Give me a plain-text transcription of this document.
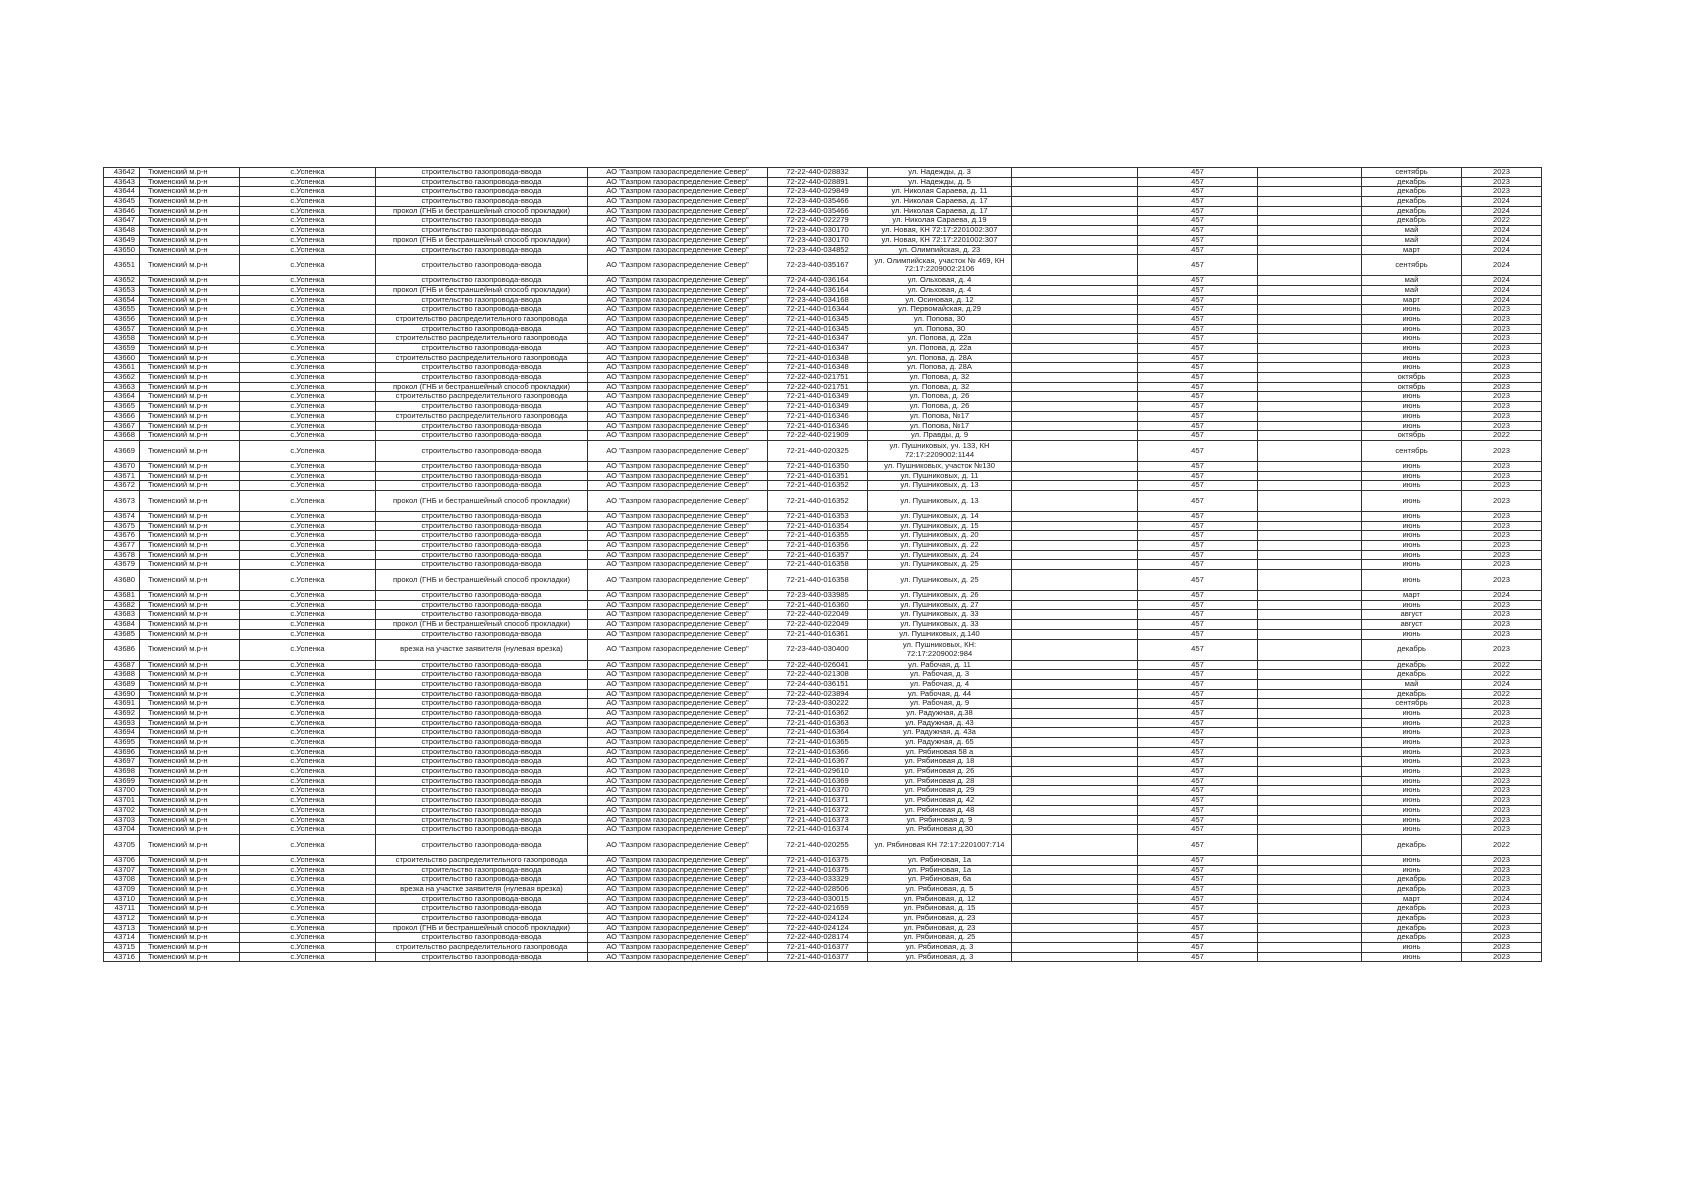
43642	Тюменский м.р-н	с.Успенка	строительство газопровода-ввода	АО "Газпром газораспределение Север"	72-22-440-028832	ул. Надежды, д. 3		457		сентябрь	2023
43643	Тюменский м.р-н	с.Успенка	строительство газопровода-ввода	АО "Газпром газораспределение Север"	72-22-440-028891	ул. Надежды, д. 5		457		декабрь	2023
43644	Тюменский м.р-н	с.Успенка	строительство газопровода-ввода	АО "Газпром газораспределение Север"	72-23-440-029849	ул. Николая Сараева, д. 11		457		декабрь	2023
43645	Тюменский м.р-н	с.Успенка	строительство газопровода-ввода	АО "Газпром газораспределение Север"	72-23-440-035466	ул. Николая Сараева, д. 17		457		декабрь	2024
43646	Тюменский м.р-н	с.Успенка	прокол (ГНБ и бестраншейный способ прокладки)	АО "Газпром газораспределение Север"	72-23-440-035466	ул. Николая Сараева, д. 17		457		декабрь	2024
43647	Тюменский м.р-н	с.Успенка	строительство газопровода-ввода	АО "Газпром газораспределение Север"	72-22-440-022279	ул. Николая Сараева, д.19		457		декабрь	2022
43648	Тюменский м.р-н	с.Успенка	строительство газопровода-ввода	АО "Газпром газораспределение Север"	72-23-440-030170	ул. Новая, КН 72:17:2201002:307		457		май	2024
43649	Тюменский м.р-н	с.Успенка	прокол (ГНБ и бестраншейный способ прокладки)	АО "Газпром газораспределение Север"	72-23-440-030170	ул. Новая, КН 72:17:2201002:307		457		май	2024
43650	Тюменский м.р-н	с.Успенка	строительство газопровода-ввода	АО "Газпром газораспределение Север"	72-23-440-034852	ул. Олимпийская, д. 23		457		март	2024
43651	Тюменский м.р-н	с.Успенка	строительство газопровода-ввода	АО "Газпром газораспределение Север"	72-23-440-035167	ул. Олимпийская, участок № 469, КН 72:17:2209002:2106		457		сентябрь	2024
43652	Тюменский м.р-н	с.Успенка	строительство газопровода-ввода	АО "Газпром газораспределение Север"	72-24-440-036164	ул. Ольховая, д. 4		457		май	2024
43653	Тюменский м.р-н	с.Успенка	прокол (ГНБ и бестраншейный способ прокладки)	АО "Газпром газораспределение Север"	72-24-440-036164	ул. Ольховая, д. 4		457		май	2024
43654	Тюменский м.р-н	с.Успенка	строительство газопровода-ввода	АО "Газпром газораспределение Север"	72-23-440-034168	ул. Осиновая, д. 12		457		март	2024
43655	Тюменский м.р-н	с.Успенка	строительство газопровода-ввода	АО "Газпром газораспределение Север"	72-21-440-016344	ул. Первомайская, д.29		457		июнь	2023
43656	Тюменский м.р-н	с.Успенка	строительство распределительного газопровода	АО "Газпром газораспределение Север"	72-21-440-016345	ул. Попова, 30		457		июнь	2023
43657	Тюменский м.р-н	с.Успенка	строительство газопровода-ввода	АО "Газпром газораспределение Север"	72-21-440-016345	ул. Попова, 30		457		июнь	2023
43658	Тюменский м.р-н	с.Успенка	строительство распределительного газопровода	АО "Газпром газораспределение Север"	72-21-440-016347	ул. Попова, д. 22а		457		июнь	2023
43659	Тюменский м.р-н	с.Успенка	строительство газопровода-ввода	АО "Газпром газораспределение Север"	72-21-440-016347	ул. Попова, д. 22а		457		июнь	2023
43660	Тюменский м.р-н	с.Успенка	строительство распределительного газопровода	АО "Газпром газораспределение Север"	72-21-440-016348	ул. Попова, д. 28А		457		июнь	2023
43661	Тюменский м.р-н	с.Успенка	строительство газопровода-ввода	АО "Газпром газораспределение Север"	72-21-440-016348	ул. Попова, д. 28А		457		июнь	2023
43662	Тюменский м.р-н	с.Успенка	строительство газопровода-ввода	АО "Газпром газораспределение Север"	72-22-440-021751	ул. Попова, д. 32		457		октябрь	2023
43663	Тюменский м.р-н	с.Успенка	прокол (ГНБ и бестраншейный способ прокладки)	АО "Газпром газораспределение Север"	72-22-440-021751	ул. Попова, д. 32		457		октябрь	2023
43664	Тюменский м.р-н	с.Успенка	строительство распределительного газопровода	АО "Газпром газораспределение Север"	72-21-440-016349	ул. Попова, д. 26		457		июнь	2023
43665	Тюменский м.р-н	с.Успенка	строительство газопровода-ввода	АО "Газпром газораспределение Север"	72-21-440-016349	ул. Попова, д. 26		457		июнь	2023
43666	Тюменский м.р-н	с.Успенка	строительство распределительного газопровода	АО "Газпром газораспределение Север"	72-21-440-016346	ул. Попова, №17		457		июнь	2023
43667	Тюменский м.р-н	с.Успенка	строительство газопровода-ввода	АО "Газпром газораспределение Север"	72-21-440-016346	ул. Попова, №17		457		июнь	2023
43668	Тюменский м.р-н	с.Успенка	строительство газопровода-ввода	АО "Газпром газораспределение Север"	72-22-440-021909	ул. Правды, д. 9		457		октябрь	2022
43669	Тюменский м.р-н	с.Успенка	строительство газопровода-ввода	АО "Газпром газораспределение Север"	72-21-440-020325	ул. Пушниковых, уч. 133, КН 72:17:2209002:1144		457		сентябрь	2023
43670	Тюменский м.р-н	с.Успенка	строительство газопровода-ввода	АО "Газпром газораспределение Север"	72-21-440-016350	ул. Пушниковых, участок №130		457		июнь	2023
43671	Тюменский м.р-н	с.Успенка	строительство газопровода-ввода	АО "Газпром газораспределение Север"	72-21-440-016351	ул. Пушниковых, д. 11		457		июнь	2023
43672	Тюменский м.р-н	с.Успенка	строительство газопровода-ввода	АО "Газпром газораспределение Север"	72-21-440-016352	ул. Пушниковых, д. 13		457		июнь	2023
43673	Тюменский м.р-н	с.Успенка	прокол (ГНБ и бестраншейный способ прокладки)	АО "Газпром газораспределение Север"	72-21-440-016352	ул. Пушниковых, д. 13		457		июнь	2023
43674	Тюменский м.р-н	с.Успенка	строительство газопровода-ввода	АО "Газпром газораспределение Север"	72-21-440-016353	ул. Пушниковых, д. 14		457		июнь	2023
43675	Тюменский м.р-н	с.Успенка	строительство газопровода-ввода	АО "Газпром газораспределение Север"	72-21-440-016354	ул. Пушниковых, д. 15		457		июнь	2023
43676	Тюменский м.р-н	с.Успенка	строительство газопровода-ввода	АО "Газпром газораспределение Север"	72-21-440-016355	ул. Пушниковых, д. 20		457		июнь	2023
43677	Тюменский м.р-н	с.Успенка	строительство газопровода-ввода	АО "Газпром газораспределение Север"	72-21-440-016356	ул. Пушниковых, д. 22		457		июнь	2023
43678	Тюменский м.р-н	с.Успенка	строительство газопровода-ввода	АО "Газпром газораспределение Север"	72-21-440-016357	ул. Пушниковых, д. 24		457		июнь	2023
43679	Тюменский м.р-н	с.Успенка	строительство газопровода-ввода	АО "Газпром газораспределение Север"	72-21-440-016358	ул. Пушниковых, д. 25		457		июнь	2023
43680	Тюменский м.р-н	с.Успенка	прокол (ГНБ и бестраншейный способ прокладки)	АО "Газпром газораспределение Север"	72-21-440-016358	ул. Пушниковых, д. 25		457		июнь	2023
43681	Тюменский м.р-н	с.Успенка	строительство газопровода-ввода	АО "Газпром газораспределение Север"	72-23-440-033985	ул. Пушниковых, д. 26		457		март	2024
43682	Тюменский м.р-н	с.Успенка	строительство газопровода-ввода	АО "Газпром газораспределение Север"	72-21-440-016360	ул. Пушниковых, д. 27		457		июнь	2023
43683	Тюменский м.р-н	с.Успенка	строительство газопровода-ввода	АО "Газпром газораспределение Север"	72-22-440-022049	ул. Пушниковых, д. 33		457		август	2023
43684	Тюменский м.р-н	с.Успенка	прокол (ГНБ и бестраншейный способ прокладки)	АО "Газпром газораспределение Север"	72-22-440-022049	ул. Пушниковых, д. 33		457		август	2023
43685	Тюменский м.р-н	с.Успенка	строительство газопровода-ввода	АО "Газпром газораспределение Север"	72-21-440-016361	ул. Пушниковых, д.140		457		июнь	2023
43686	Тюменский м.р-н	с.Успенка	врезка на участке заявителя (нулевая врезка)	АО "Газпром газораспределение Север"	72-23-440-030400	ул. Пушниковых, КН: 72:17:2209002:984		457		декабрь	2023
43687	Тюменский м.р-н	с.Успенка	строительство газопровода-ввода	АО "Газпром газораспределение Север"	72-22-440-026041	ул. Рабочая, д. 11		457		декабрь	2022
43688	Тюменский м.р-н	с.Успенка	строительство газопровода-ввода	АО "Газпром газораспределение Север"	72-22-440-021308	ул. Рабочая, д. 3		457		декабрь	2022
43689	Тюменский м.р-н	с.Успенка	строительство газопровода-ввода	АО "Газпром газораспределение Север"	72-24-440-036151	ул. Рабочая, д. 4		457		май	2024
43690	Тюменский м.р-н	с.Успенка	строительство газопровода-ввода	АО "Газпром газораспределение Север"	72-22-440-023894	ул. Рабочая, д. 44		457		декабрь	2022
43691	Тюменский м.р-н	с.Успенка	строительство газопровода-ввода	АО "Газпром газораспределение Север"	72-23-440-030222	ул. Рабочая, д. 9		457		сентябрь	2023
43692	Тюменский м.р-н	с.Успенка	строительство газопровода-ввода	АО "Газпром газораспределение Север"	72-21-440-016362	ул. Радужная, д.38		457		июнь	2023
43693	Тюменский м.р-н	с.Успенка	строительство газопровода-ввода	АО "Газпром газораспределение Север"	72-21-440-016363	ул. Радужная, д. 43		457		июнь	2023
43694	Тюменский м.р-н	с.Успенка	строительство газопровода-ввода	АО "Газпром газораспределение Север"	72-21-440-016364	ул. Радужная, д. 43а		457		июнь	2023
43695	Тюменский м.р-н	с.Успенка	строительство газопровода-ввода	АО "Газпром газораспределение Север"	72-21-440-016365	ул. Радужная, д. 65		457		июнь	2023
43696	Тюменский м.р-н	с.Успенка	строительство газопровода-ввода	АО "Газпром газораспределение Север"	72-21-440-016366	ул. Рябиновая 58 а		457		июнь	2023
43697	Тюменский м.р-н	с.Успенка	строительство газопровода-ввода	АО "Газпром газораспределение Север"	72-21-440-016367	ул. Рябиновая д. 18		457		июнь	2023
43698	Тюменский м.р-н	с.Успенка	строительство газопровода-ввода	АО "Газпром газораспределение Север"	72-21-440-029610	ул. Рябиновая д. 26		457		июнь	2023
43699	Тюменский м.р-н	с.Успенка	строительство газопровода-ввода	АО "Газпром газораспределение Север"	72-21-440-016369	ул. Рябиновая д. 28		457		июнь	2023
43700	Тюменский м.р-н	с.Успенка	строительство газопровода-ввода	АО "Газпром газораспределение Север"	72-21-440-016370	ул. Рябиновая д. 29		457		июнь	2023
43701	Тюменский м.р-н	с.Успенка	строительство газопровода-ввода	АО "Газпром газораспределение Север"	72-21-440-016371	ул. Рябиновая д. 42		457		июнь	2023
43702	Тюменский м.р-н	с.Успенка	строительство газопровода-ввода	АО "Газпром газораспределение Север"	72-21-440-016372	ул. Рябиновая д. 48		457		июнь	2023
43703	Тюменский м.р-н	с.Успенка	строительство газопровода-ввода	АО "Газпром газораспределение Север"	72-21-440-016373	ул. Рябиновая д. 9		457		июнь	2023
43704	Тюменский м.р-н	с.Успенка	строительство газопровода-ввода	АО "Газпром газораспределение Север"	72-21-440-016374	ул. Рябиновая д.30		457		июнь	2023
43705	Тюменский м.р-н	с.Успенка	строительство газопровода-ввода	АО "Газпром газораспределение Север"	72-21-440-020255	ул. Рябиновая КН 72:17:2201007:714		457		декабрь	2022
43706	Тюменский м.р-н	с.Успенка	строительство распределительного газопровода	АО "Газпром газораспределение Север"	72-21-440-016375	ул. Рябиновая, 1а		457		июнь	2023
43707	Тюменский м.р-н	с.Успенка	строительство газопровода-ввода	АО "Газпром газораспределение Север"	72-21-440-016375	ул. Рябиновая, 1а		457		июнь	2023
43708	Тюменский м.р-н	с.Успенка	строительство газопровода-ввода	АО "Газпром газораспределение Север"	72-23-440-033329	ул. Рябиновая, 6а		457		декабрь	2023
43709	Тюменский м.р-н	с.Успенка	врезка на участке заявителя (нулевая врезка)	АО "Газпром газораспределение Север"	72-22-440-028506	ул. Рябиновая, д. 5		457		декабрь	2023
43710	Тюменский м.р-н	с.Успенка	строительство газопровода-ввода	АО "Газпром газораспределение Север"	72-23-440-030015	ул. Рябиновая, д. 12		457		март	2024
43711	Тюменский м.р-н	с.Успенка	строительство газопровода-ввода	АО "Газпром газораспределение Север"	72-22-440-021659	ул. Рябиновая, д. 15		457		декабрь	2023
43712	Тюменский м.р-н	с.Успенка	строительство газопровода-ввода	АО "Газпром газораспределение Север"	72-22-440-024124	ул. Рябиновая, д. 23		457		декабрь	2023
43713	Тюменский м.р-н	с.Успенка	прокол (ГНБ и бестраншейный способ прокладки)	АО "Газпром газораспределение Север"	72-22-440-024124	ул. Рябиновая, д. 23		457		декабрь	2023
43714	Тюменский м.р-н	с.Успенка	строительство газопровода-ввода	АО "Газпром газораспределение Север"	72-22-440-028174	ул. Рябиновая, д. 25		457		декабрь	2023
43715	Тюменский м.р-н	с.Успенка	строительство распределительного газопровода	АО "Газпром газораспределение Север"	72-21-440-016377	ул. Рябиновая, д. 3		457		июнь	2023
43716	Тюменский м.р-н	с.Успенка	строительство газопровода-ввода	АО "Газпром газораспределение Север"	72-21-440-016377	ул. Рябиновая, д. 3		457		июнь	2023
